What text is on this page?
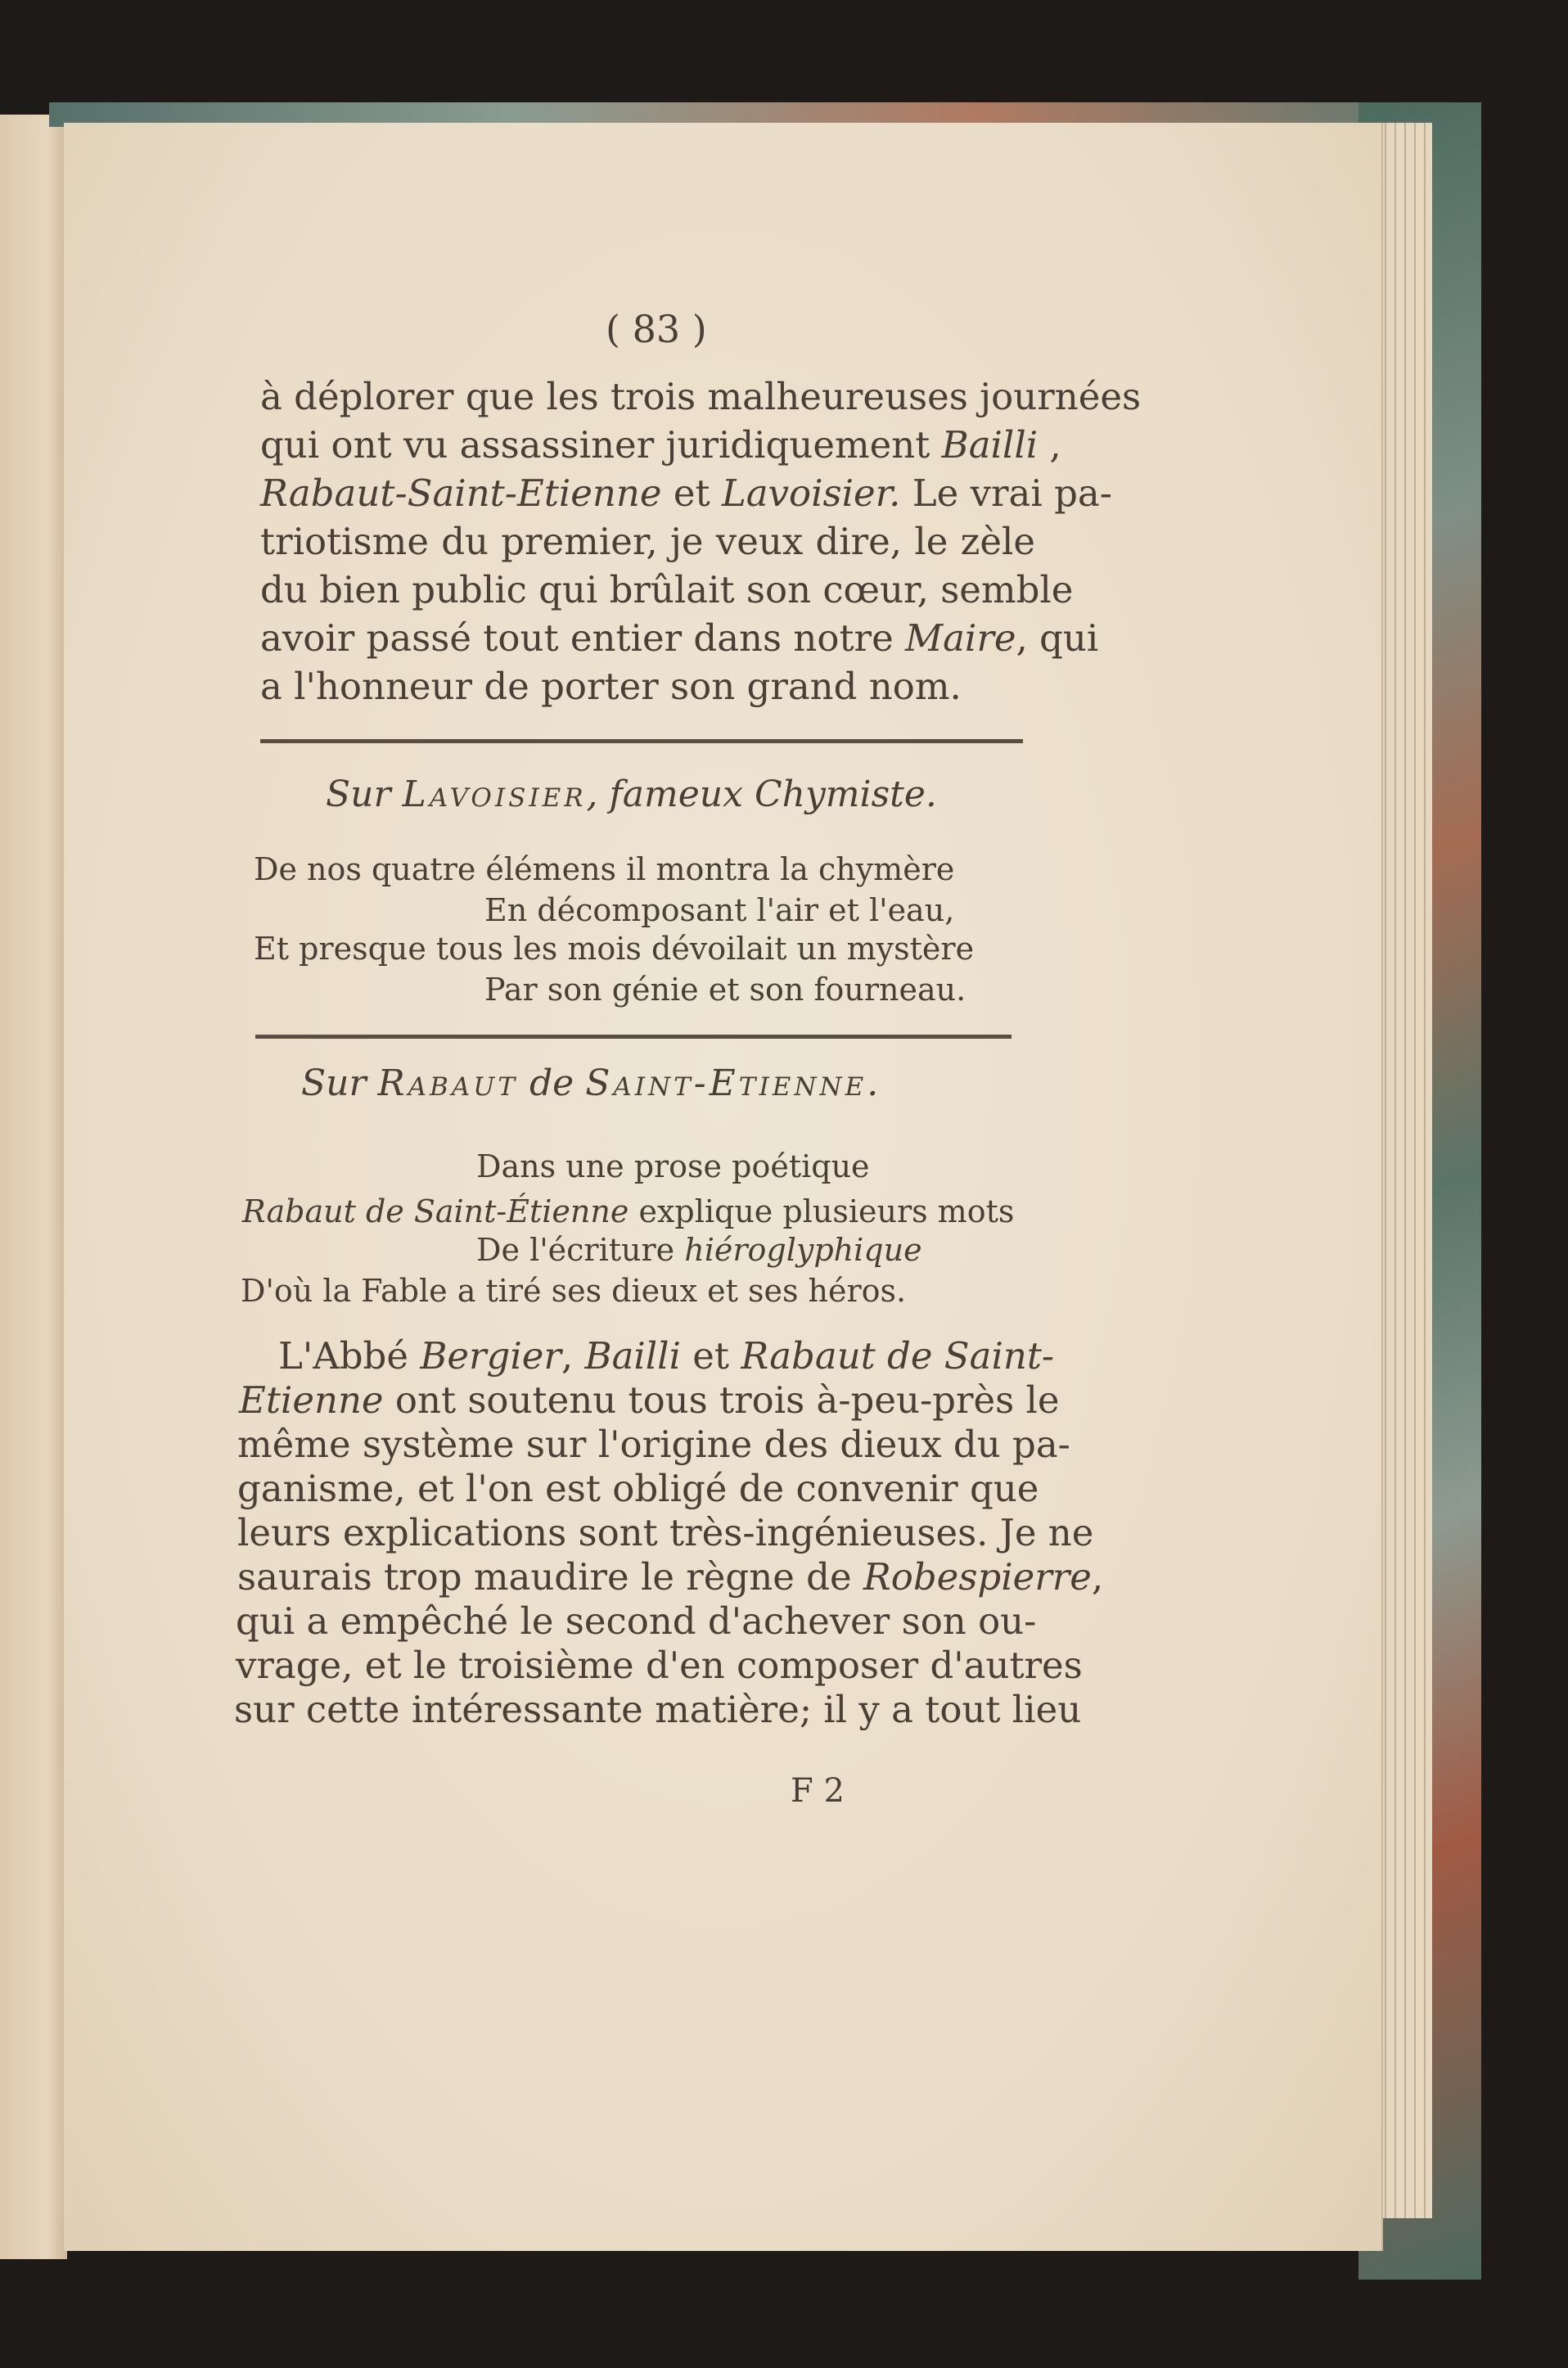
( 83 )
à déplorer que les trois malheureuses journées
qui ont vu assassiner juridiquement Bailli ,
Rabaut-Saint-Etienne et Lavoisier. Le vrai pa-
triotisme du premier, je veux dire, le zèle
du bien public qui brûlait son cœur, semble
avoir passé tout entier dans notre Maire, qui
a l'honneur de porter son grand nom.
Sur Lavoisier, fameux Chymiste.
De nos quatre élémens il montra la chymère
En décomposant l'air et l'eau,
Et presque tous les mois dévoilait un mystère
Par son génie et son fourneau.
Sur Rabaut de Saint-Etienne.
Dans une prose poétique
Rabaut de Saint-Étienne explique plusieurs mots
De l'écriture hiéroglyphique
D'où la Fable a tiré ses dieux et ses héros.
L'Abbé Bergier, Bailli et Rabaut de Saint-
Etienne ont soutenu tous trois à-peu-près le
même système sur l'origine des dieux du pa-
ganisme, et l'on est obligé de convenir que
leurs explications sont très-ingénieuses. Je ne
saurais trop maudire le règne de Robespierre,
qui a empêché le second d'achever son ou-
vrage, et le troisième d'en composer d'autres
sur cette intéressante matière; il y a tout lieu
F 2
